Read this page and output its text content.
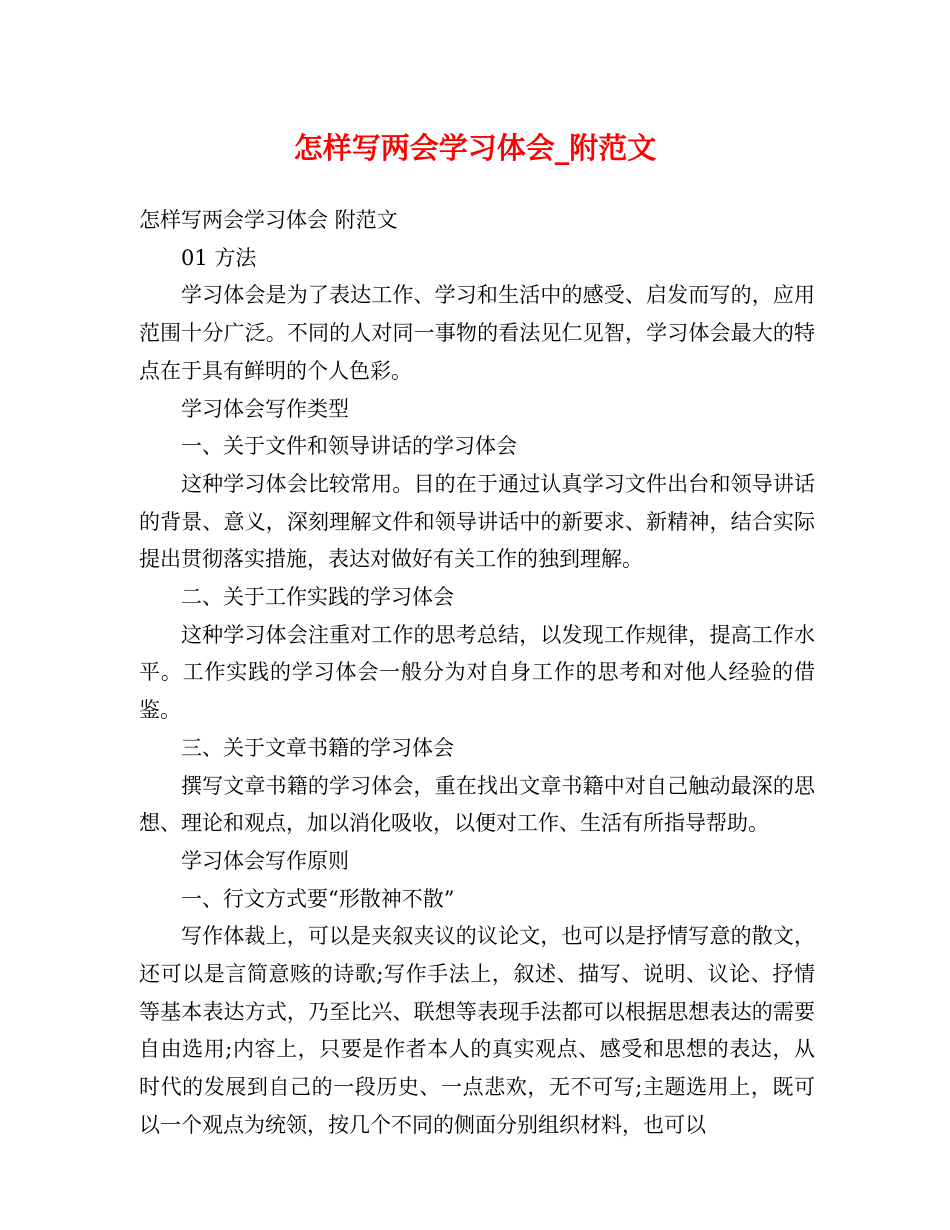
怎样写两会学习体会_附范文

怎样写两会学习体会 附范文

01 方法

学习体会是为了表达工作、学习和生活中的感受、启发而写的，应用范围十分广泛。不同的人对同一事物的看法见仁见智，学习体会最大的特点在于具有鲜明的个人色彩。

学习体会写作类型

一、关于文件和领导讲话的学习体会

这种学习体会比较常用。目的在于通过认真学习文件出台和领导讲话的背景、意义，深刻理解文件和领导讲话中的新要求、新精神，结合实际提出贯彻落实措施，表达对做好有关工作的独到理解。

二、关于工作实践的学习体会

这种学习体会注重对工作的思考总结，以发现工作规律，提高工作水平。工作实践的学习体会一般分为对自身工作的思考和对他人经验的借鉴。

三、关于文章书籍的学习体会

撰写文章书籍的学习体会，重在找出文章书籍中对自己触动最深的思想、理论和观点，加以消化吸收，以便对工作、生活有所指导帮助。

学习体会写作原则

一、行文方式要“形散神不散”

写作体裁上，可以是夹叙夹议的议论文，也可以是抒情写意的散文，还可以是言简意赅的诗歌;写作手法上，叙述、描写、说明、议论、抒情等基本表达方式，乃至比兴、联想等表现手法都可以根据思想表达的需要自由选用;内容上，只要是作者本人的真实观点、感受和思想的表达，从时代的发展到自己的一段历史、一点悲欢，无不可写;主题选用上，既可以一个观点为统领，按几个不同的侧面分别组织材料，也可以
